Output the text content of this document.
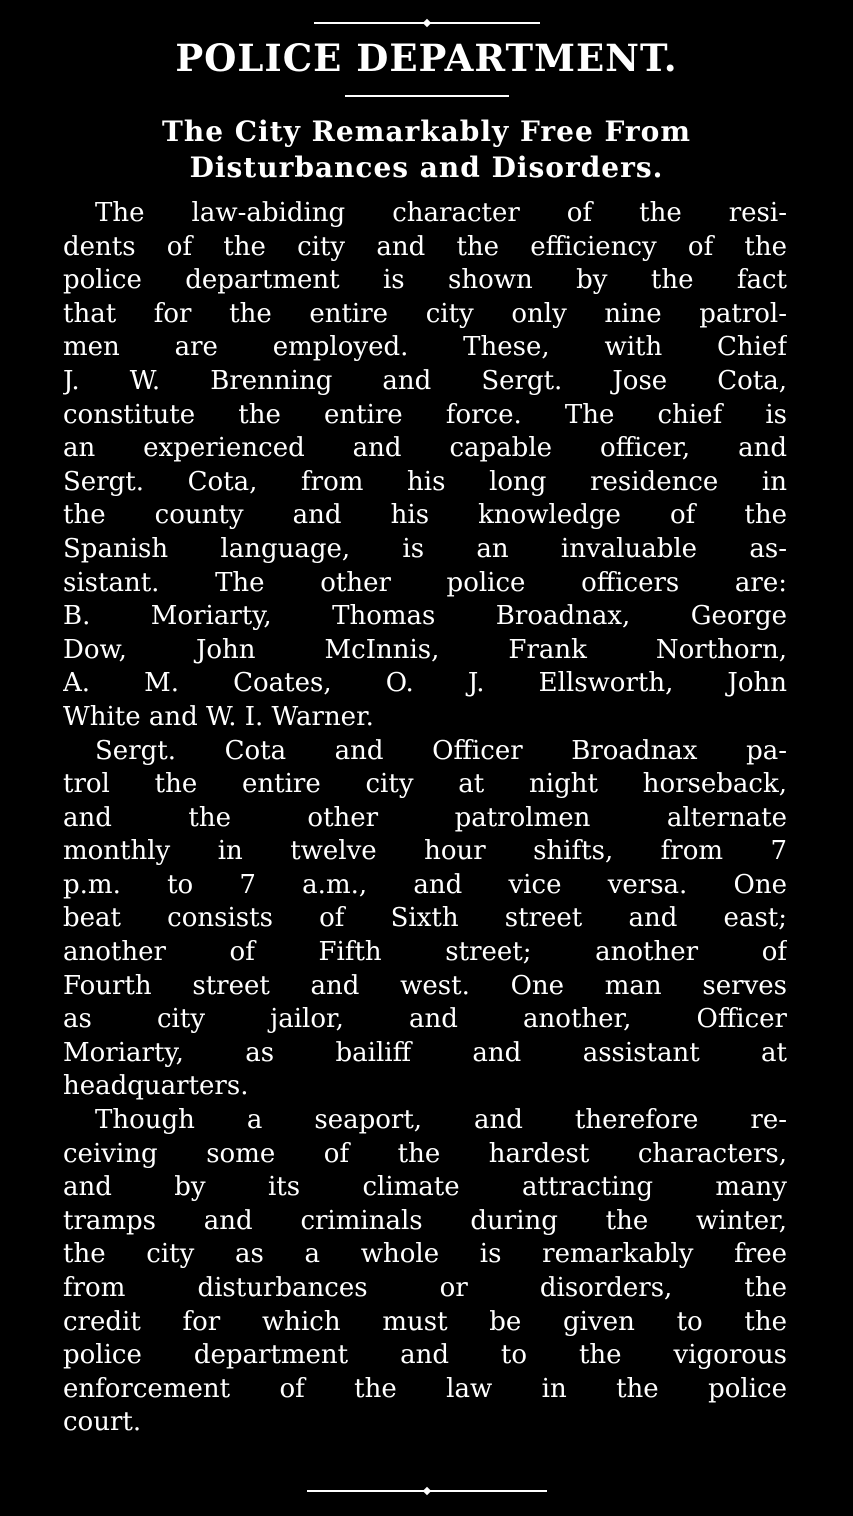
POLICE DEPARTMENT.

The City Remarkably Free From

Disturbances and Disorders.

The law-abiding character of the resi-
dents of the city and the efficiency of the
police department is shown by the fact
that for the entire city only nine patrol-
men are employed. These, with Chief
J. W. Brenning and Sergt. Jose Cota,
constitute the entire force. The chief is
an experienced and capable officer, and
Sergt. Cota, from his long residence in
the county and his knowledge of the
Spanish language, is an invaluable as-
sistant. The other police officers are:
B. Moriarty, Thomas Broadnax, George
Dow, John McInnis, Frank Northorn,
A. M. Coates, O. J. Ellsworth, John
White and W. I. Warner.
Sergt. Cota and Officer Broadnax pa-
trol the entire city at night horseback,
and the other patrolmen alternate
monthly in twelve hour shifts, from 7
p.m. to 7 a.m., and vice versa. One
beat consists of Sixth street and east;
another of Fifth street; another of
Fourth street and west. One man serves
as city jailor, and another, Officer
Moriarty, as bailiff and assistant at
headquarters.
Though a seaport, and therefore re-
ceiving some of the hardest characters,
and by its climate attracting many
tramps and criminals during the winter,
the city as a whole is remarkably free
from disturbances or disorders, the
credit for which must be given to the
police department and to the vigorous
enforcement of the law in the police
court.
